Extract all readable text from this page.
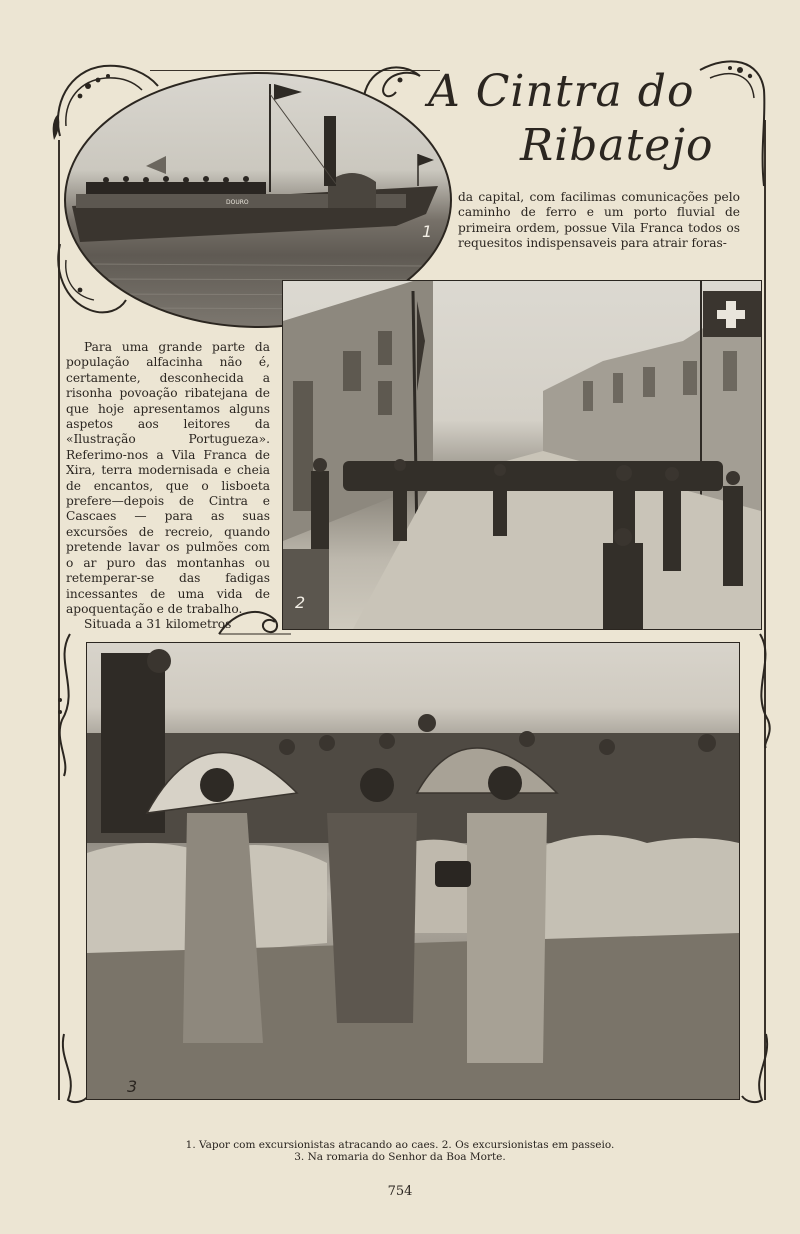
A Cintra do
Ribatejo
DOURO
1
da capital, com facilimas comunicações pelo caminho de ferro e um porto fluvial de primeira ordem, possue Vila Franca todos os requesitos indispensaveis para atrair foras-
2
Para uma grande parte da população alfacinha não é, certamente, desconhecida a risonha povoação ribatejana de que hoje apresentamos alguns aspetos aos leitores da «Ilustração Portugueza». Referimo-nos a Vila Franca de Xira, terra modernisada e cheia de encantos, que o lisboeta prefere—depois de Cintra e Cascaes — para as suas excursões de recreio, quando pretende lavar os pulmões com o ar puro das montanhas ou retemperar-se das fadigas incessantes de uma vida de apoquentação e de trabalho.
Situada a 31 kilometros
3
1. Vapor com excursionistas atracando ao caes. 2. Os excursionistas em passeio.
3. Na romaria do Senhor da Boa Morte.
754
